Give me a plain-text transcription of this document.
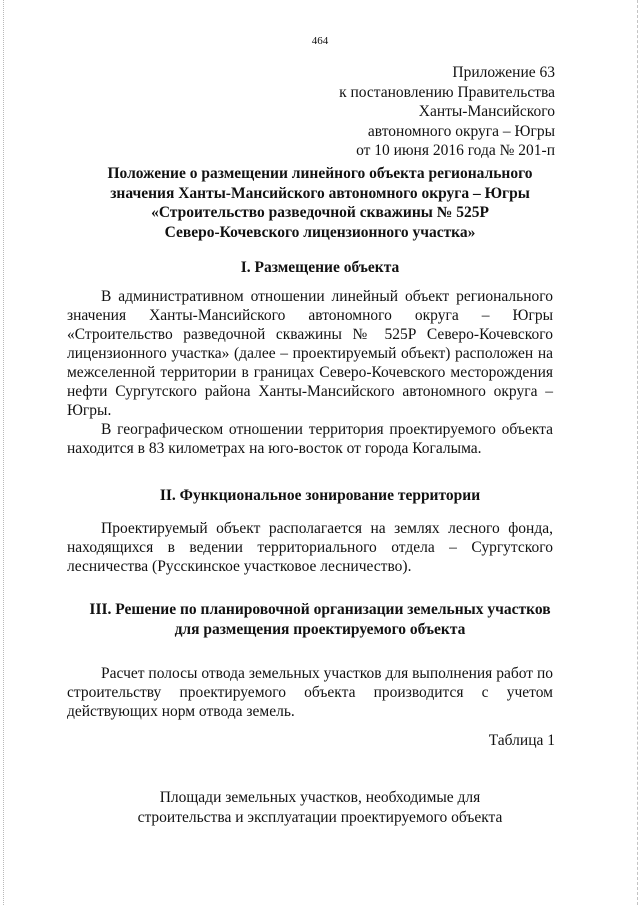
464
Приложение 63
к постановлению Правительства
Ханты-Мансийского
автономного округа – Югры
от 10 июня 2016 года № 201-п
Положение о размещении линейного объекта регионального
значения Ханты-Мансийского автономного округа – Югры
«Строительство разведочной скважины № 525Р
Северо-Кочевского лицензионного участка»
I. Размещение объекта

В административном отношении линейный объект регионального значения Ханты-Мансийского автономного округа – Югры «Строительство разведочной скважины № 525Р Северо-Кочевского лицензионного участка» (далее – проектируемый объект) расположен на межселенной территории в границах Северо-Кочевского месторождения нефти Сургутского района Ханты-Мансийского автономного округа – Югры.

В географическом отношении территория проектируемого объекта находится в 83 километрах на юго-восток от города Когалыма.

II. Функциональное зонирование территории

Проектируемый объект располагается на землях лесного фонда, находящихся в ведении территориального отдела – Сургутского лесничества (Русскинское участковое лесничество).

III. Решение по планировочной организации земельных участков
для размещения проектируемого объекта

Расчет полосы отвода земельных участков для выполнения работ по строительству проектируемого объекта производится с учетом действующих норм отвода земель.

Таблица 1
Площади земельных участков, необходимые для
строительства и эксплуатации проектируемого объекта
